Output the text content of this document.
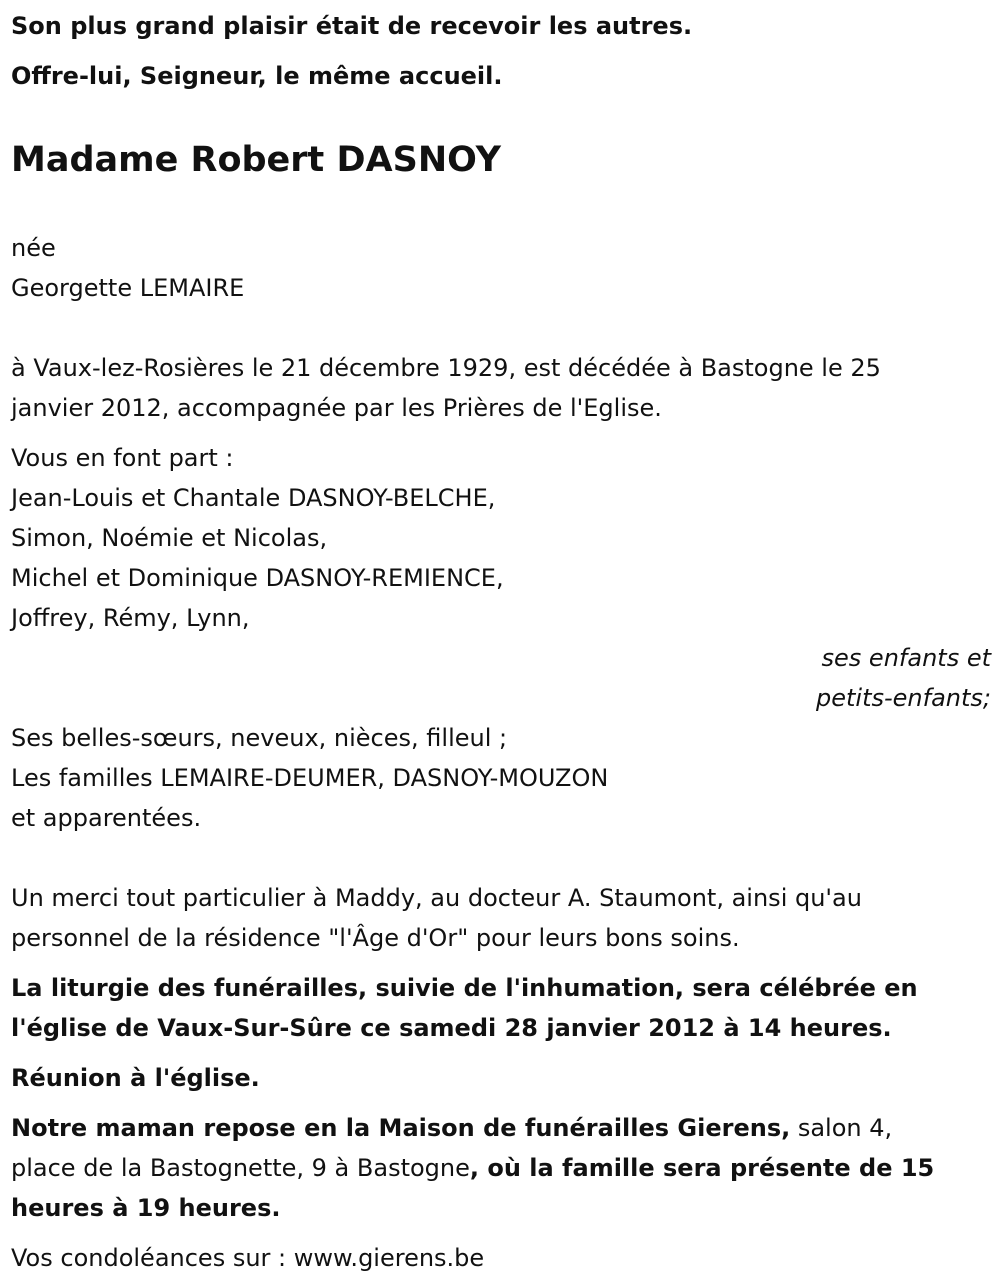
Son plus grand plaisir était de recevoir les autres.
Offre-lui, Seigneur, le même accueil.
Madame Robert DASNOY
née
Georgette LEMAIRE
à Vaux-lez-Rosières le 21 décembre 1929, est décédée à Bastogne le 25
janvier 2012, accompagnée par les Prières de l'Eglise.
Vous en font part :
Jean-Louis et Chantale DASNOY-BELCHE,
Simon, Noémie et Nicolas,
Michel et Dominique DASNOY-REMIENCE,
Joffrey, Rémy, Lynn,
ses enfants et
petits-enfants;
Ses belles-sœurs, neveux, nièces, filleul ;
Les familles LEMAIRE-DEUMER, DASNOY-MOUZON
et apparentées.
Un merci tout particulier à Maddy, au docteur A. Staumont, ainsi qu'au
personnel de la résidence "l'Âge d'Or" pour leurs bons soins.
La liturgie des funérailles, suivie de l'inhumation, sera célébrée en
l'église de Vaux-Sur-Sûre ce samedi 28 janvier 2012 à 14 heures.
Réunion à l'église.
Notre maman repose en la Maison de funérailles Gierens, salon 4,
place de la Bastognette, 9 à Bastogne, où la famille sera présente de 15
heures à 19 heures.
Vos condoléances sur : www.gierens.be
